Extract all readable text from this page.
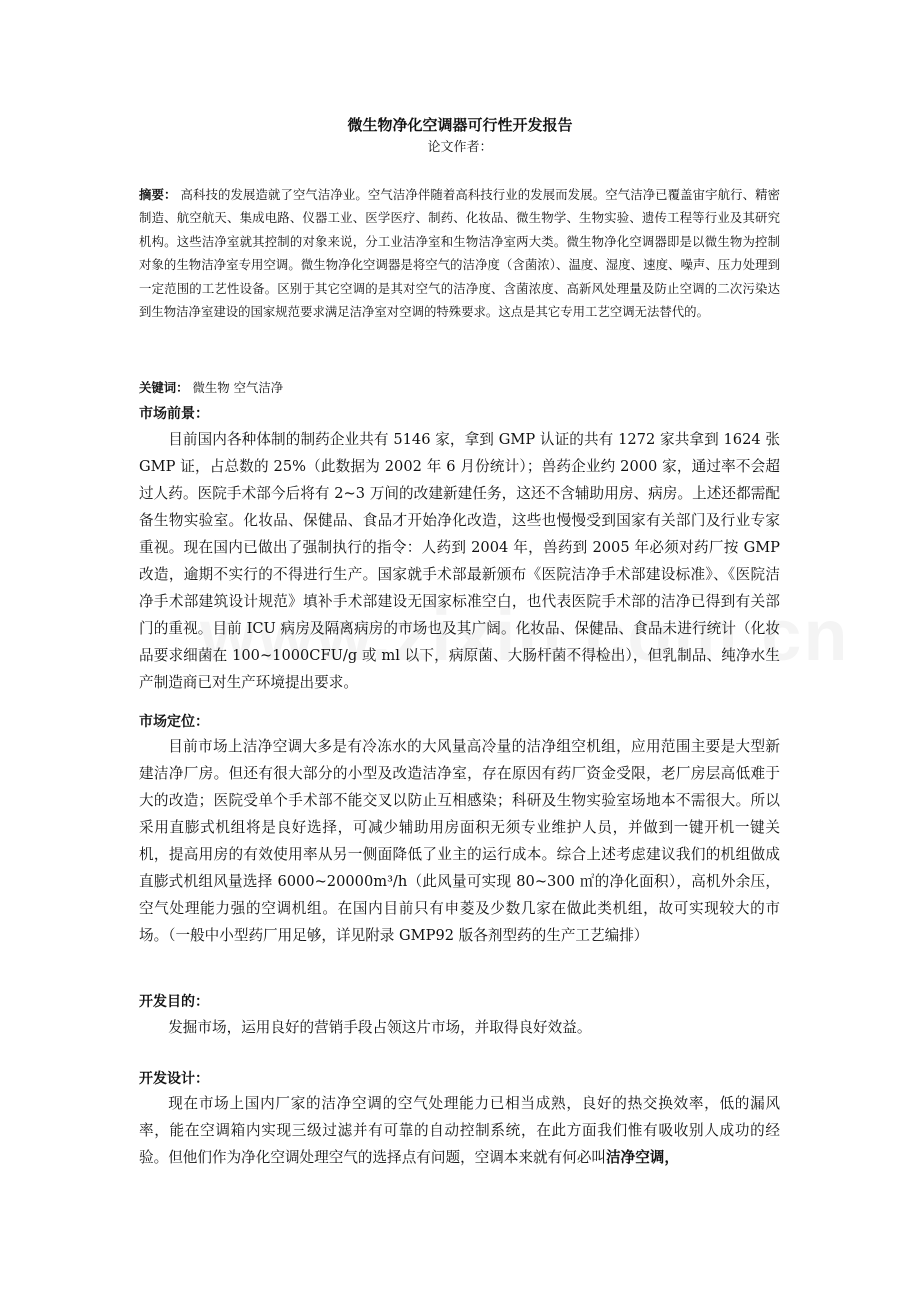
微生物净化空调器可行性开发报告
论文作者：

摘要： 高科技的发展造就了空气洁净业。空气洁净伴随着高科技行业的发展而发展。空气洁净已覆盖宙宇航行、精密制造、航空航天、集成电路、仪器工业、医学医疗、制药、化妆品、微生物学、生物实验、遗传工程等行业及其研究机构。这些洁净室就其控制的对象来说，分工业洁净室和生物洁净室两大类。微生物净化空调器即是以微生物为控制对象的生物洁净室专用空调。微生物净化空调器是将空气的洁净度（含菌浓）、温度、湿度、速度、噪声、压力处理到一定范围的工艺性设备。区别于其它空调的是其对空气的洁净度、含菌浓度、高新风处理量及防止空调的二次污染达到生物洁净室建设的国家规范要求满足洁净室对空调的特殊要求。这点是其它专用工艺空调无法替代的。

关键词： 微生物 空气洁净

市场前景：

目前国内各种体制的制药企业共有 5146 家，拿到 GMP 认证的共有 1272 家共拿到 1624 张 GMP 证，占总数的 25%（此数据为 2002 年 6 月份统计）；兽药企业约 2000 家，通过率不会超过人药。医院手术部今后将有 2~3 万间的改建新建任务，这还不含辅助用房、病房。上述还都需配备生物实验室。化妆品、保健品、食品才开始净化改造，这些也慢慢受到国家有关部门及行业专家重视。现在国内已做出了强制执行的指令：人药到 2004 年，兽药到 2005 年必须对药厂按 GMP 改造，逾期不实行的不得进行生产。国家就手术部最新颁布《医院洁净手术部建设标准》、《医院洁净手术部建筑设计规范》填补手术部建设无国家标准空白，也代表医院手术部的洁净已得到有关部门的重视。目前 ICU 病房及隔离病房的市场也及其广阔。化妆品、保健品、食品未进行统计（化妆品要求细菌在 100~1000CFU/g 或 ml 以下，病原菌、大肠杆菌不得检出），但乳制品、纯净水生产制造商已对生产环境提出要求。

市场定位：

目前市场上洁净空调大多是有冷冻水的大风量高冷量的洁净组空机组，应用范围主要是大型新建洁净厂房。但还有很大部分的小型及改造洁净室，存在原因有药厂资金受限，老厂房层高低难于大的改造；医院受单个手术部不能交叉以防止互相感染；科研及生物实验室场地本不需很大。所以采用直膨式机组将是良好选择，可减少辅助用房面积无须专业维护人员，并做到一键开机一键关机，提高用房的有效使用率从另一侧面降低了业主的运行成本。综合上述考虑建议我们的机组做成直膨式机组风量选择 6000~20000m³/h（此风量可实现 80~300 ㎡的净化面积），高机外余压，空气处理能力强的空调机组。在国内目前只有申菱及少数几家在做此类机组，故可实现较大的市场。（一般中小型药厂用足够，详见附录 GMP92 版各剂型药的生产工艺编排）

开发目的：

发掘市场，运用良好的营销手段占领这片市场，并取得良好效益。

开发设计：

现在市场上国内厂家的洁净空调的空气处理能力已相当成熟，良好的热交换效率，低的漏风率，能在空调箱内实现三级过滤并有可靠的自动控制系统，在此方面我们惟有吸收别人成功的经验。但他们作为净化空调处理空气的选择点有问题，空调本来就有何必叫洁净空调，
